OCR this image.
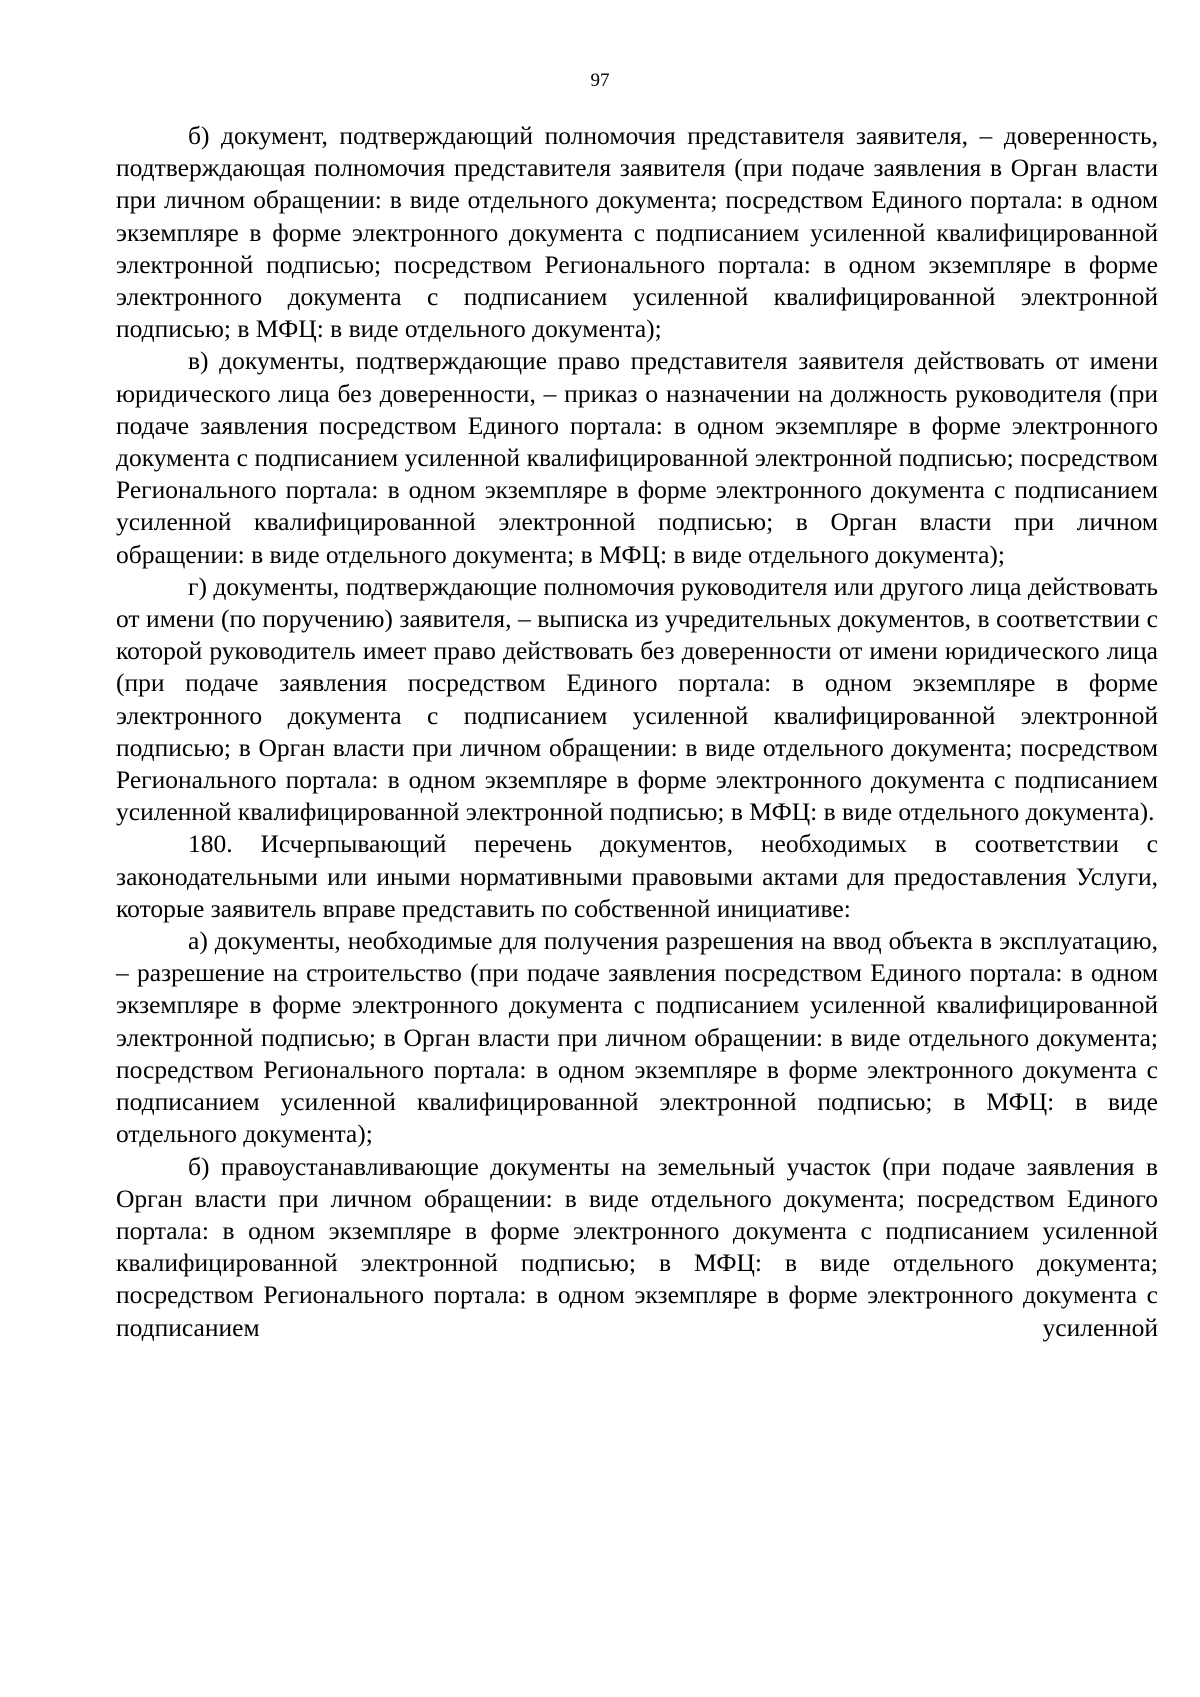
97

б) документ, подтверждающий полномочия представителя заявителя, – доверенность, подтверждающая полномочия представителя заявителя (при подаче заявления в Орган власти при личном обращении: в виде отдельного документа; посредством Единого портала: в одном экземпляре в форме электронного документа с подписанием усиленной квалифицированной электронной подписью; посредством Регионального портала: в одном экземпляре в форме электронного документа с подписанием усиленной квалифицированной электронной подписью; в МФЦ: в виде отдельного документа);

в) документы, подтверждающие право представителя заявителя действовать от имени юридического лица без доверенности, – приказ о назначении на должность руководителя (при подаче заявления посредством Единого портала: в одном экземпляре в форме электронного документа с подписанием усиленной квалифицированной электронной подписью; посредством Регионального портала: в одном экземпляре в форме электронного документа с подписанием усиленной квалифицированной электронной подписью; в Орган власти при личном обращении: в виде отдельного документа; в МФЦ: в виде отдельного документа);

г) документы, подтверждающие полномочия руководителя или другого лица действовать от имени (по поручению) заявителя, – выписка из учредительных документов, в соответствии с которой руководитель имеет право действовать без доверенности от имени юридического лица (при подаче заявления посредством Единого портала: в одном экземпляре в форме электронного документа с подписанием усиленной квалифицированной электронной подписью; в Орган власти при личном обращении: в виде отдельного документа; посредством Регионального портала: в одном экземпляре в форме электронного документа с подписанием усиленной квалифицированной электронной подписью; в МФЦ: в виде отдельного документа).

180. Исчерпывающий перечень документов, необходимых в соответствии с законодательными или иными нормативными правовыми актами для предоставления Услуги, которые заявитель вправе представить по собственной инициативе:

а) документы, необходимые для получения разрешения на ввод объекта в эксплуатацию, – разрешение на строительство (при подаче заявления посредством Единого портала: в одном экземпляре в форме электронного документа с подписанием усиленной квалифицированной электронной подписью; в Орган власти при личном обращении: в виде отдельного документа; посредством Регионального портала: в одном экземпляре в форме электронного документа с подписанием усиленной квалифицированной электронной подписью; в МФЦ: в виде отдельного документа);

б) правоустанавливающие документы на земельный участок (при подаче заявления в Орган власти при личном обращении: в виде отдельного документа; посредством Единого портала: в одном экземпляре в форме электронного документа с подписанием усиленной квалифицированной электронной подписью; в МФЦ: в виде отдельного документа; посредством Регионального портала: в одном экземпляре в форме электронного документа с подписанием усиленной
